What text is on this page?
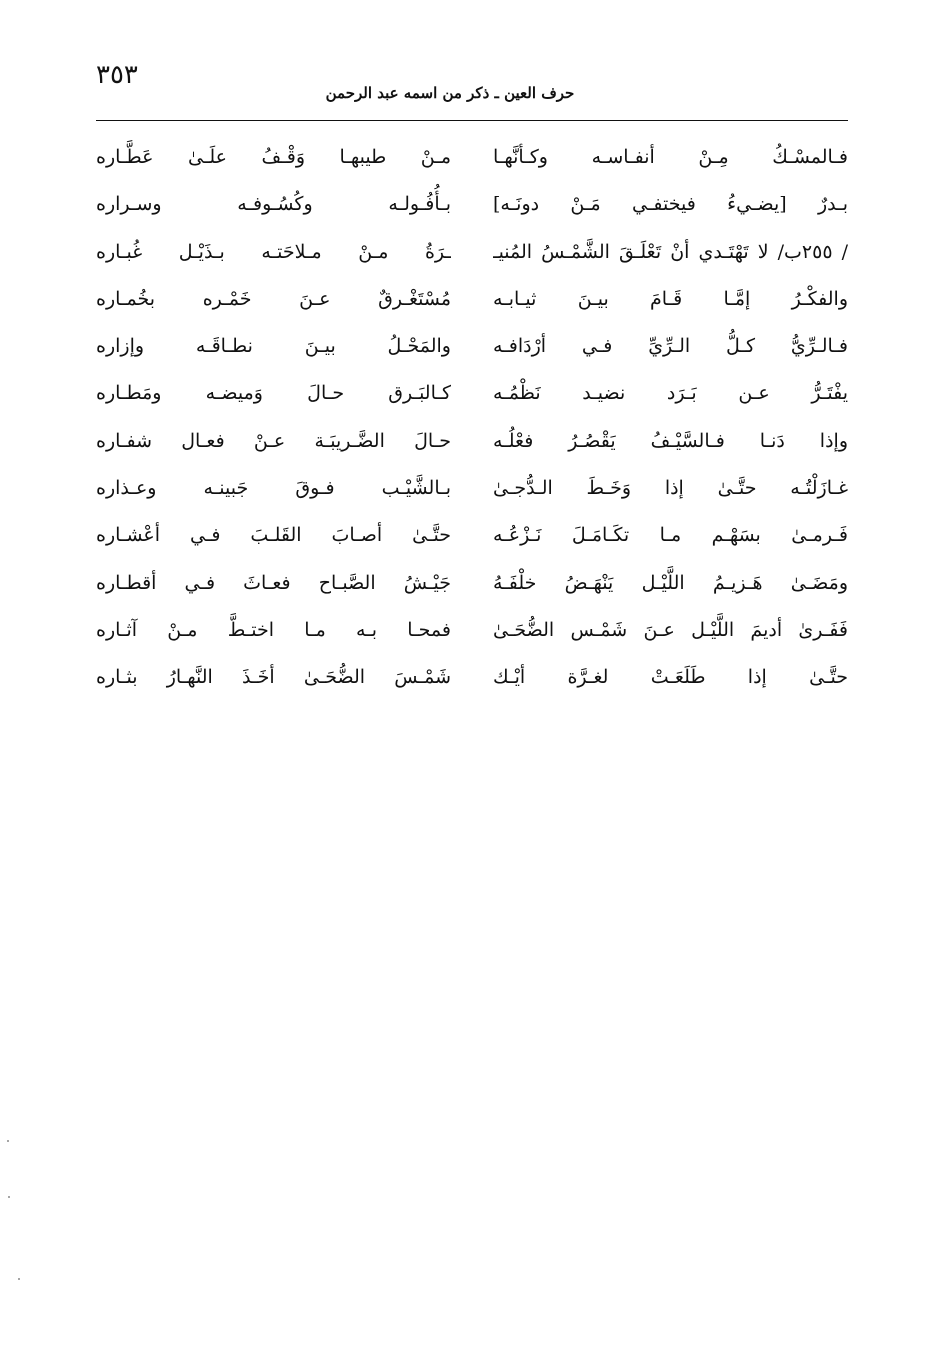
٣٥٣
حرف العين ـ ذكر من اسمه عبد الرحمن
فـالمسْـكُ مِـنْ أنفـاسـه وكـأنَّهـا
بـدرٌ [يضـيءُ فيختفـي مَـنْ دونَـه]
/ ٢٥٥ب/ لا تَهْتَـدي أنْ تَعْلَـقَ الشَّمْـسُ المُنيـ
والفكْـرُ إمَّـا قَـامَ بيـنَ ثيـابـه
فـالـرِّيُّ كـلُّ الـرِّيِّ فـي أرْدَافـه
يفْتَـرُّ عـن بَـرَد نضيـد نَظْمُـه
وإذا دَنـا فـالسَّيْـفُ يَقْصُـرُ فعْلُـه
غـازَلْتُـه حتَّـىٰ إذا وَخَـطَ الـدُّجـىٰ
فَـرمـىٰ بسَهْـم مـا تكَـامَـلَ نَـزْعُـه
ومَضَـىٰ هَـزيـمُ اللَّيْـل يَنْهَـضُ خلْفَـهُ
فَفَـرىٰ أديمَ اللَّيْـل عـنَ شَمْـس الضُّحَـىٰ
حتَّـىٰ إذا طَلَعَـتْ لغـرَّة أيْـك
مـنْ طيبهـا وَقْـفُ علَـىٰ عَطَّـاره
بـأُفُـولـه وكُسُـوفـه وسـراره
ـرَةُ مـنْ مـلاحَتـه بـذَيْـل غُبـاره
مُسْتَغْـرقٌ عـنَ خَمْـره بخُمـاره
والمَحْـلُ بيـنَ نطـاقَـه وإزاره
كـالبَـرق حـالَ وَميضـه ومَطـاره
حـالَ الضَّـريبَـة عـنْ فعـال شفـاره
بـالشَّيْـب فـوقَ جَبينـه وعـذاره
حتَّـىٰ أصـابَ القَلـبَ فـي أعْشـاره
جَيْـشُ الصَّبـاح فعـاثَ فـي أقطـاره
فمحـا بـه مـا اختـطَّ مـنْ آثـاره
شَمْـسَ الضُّحَـىٰ أخَـذَ النَّهـارُ بثـاره
